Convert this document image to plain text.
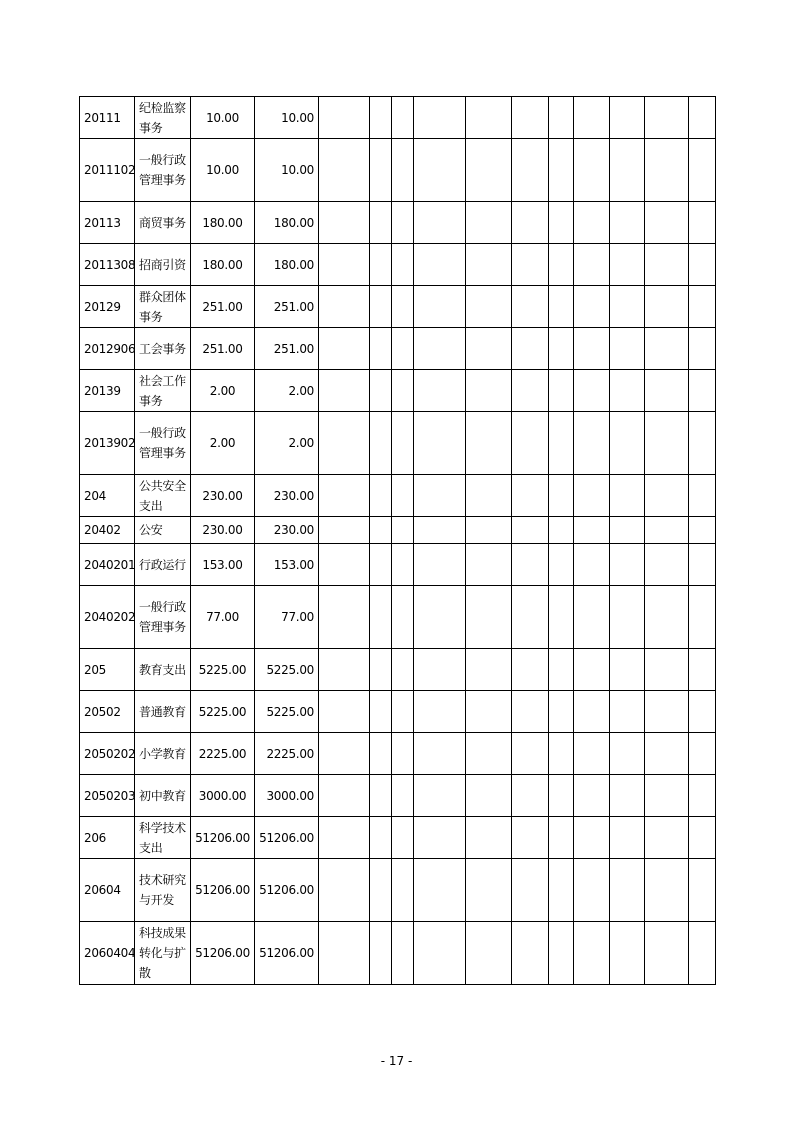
20111	纪检监察事务	10.00	10.00											
2011102	一般行政管理事务	10.00	10.00											
20113	商贸事务	180.00	180.00											
2011308	招商引资	180.00	180.00											
20129	群众团体事务	251.00	251.00											
2012906	工会事务	251.00	251.00											
20139	社会工作事务	2.00	2.00											
2013902	一般行政管理事务	2.00	2.00											
204	公共安全支出	230.00	230.00											
20402	公安	230.00	230.00											
2040201	行政运行	153.00	153.00											
2040202	一般行政管理事务	77.00	77.00											
205	教育支出	5225.00	5225.00											
20502	普通教育	5225.00	5225.00											
2050202	小学教育	2225.00	2225.00											
2050203	初中教育	3000.00	3000.00											
206	科学技术支出	51206.00	51206.00											
20604	技术研究与开发	51206.00	51206.00											
2060404	科技成果转化与扩散	51206.00	51206.00											
- 17 -
